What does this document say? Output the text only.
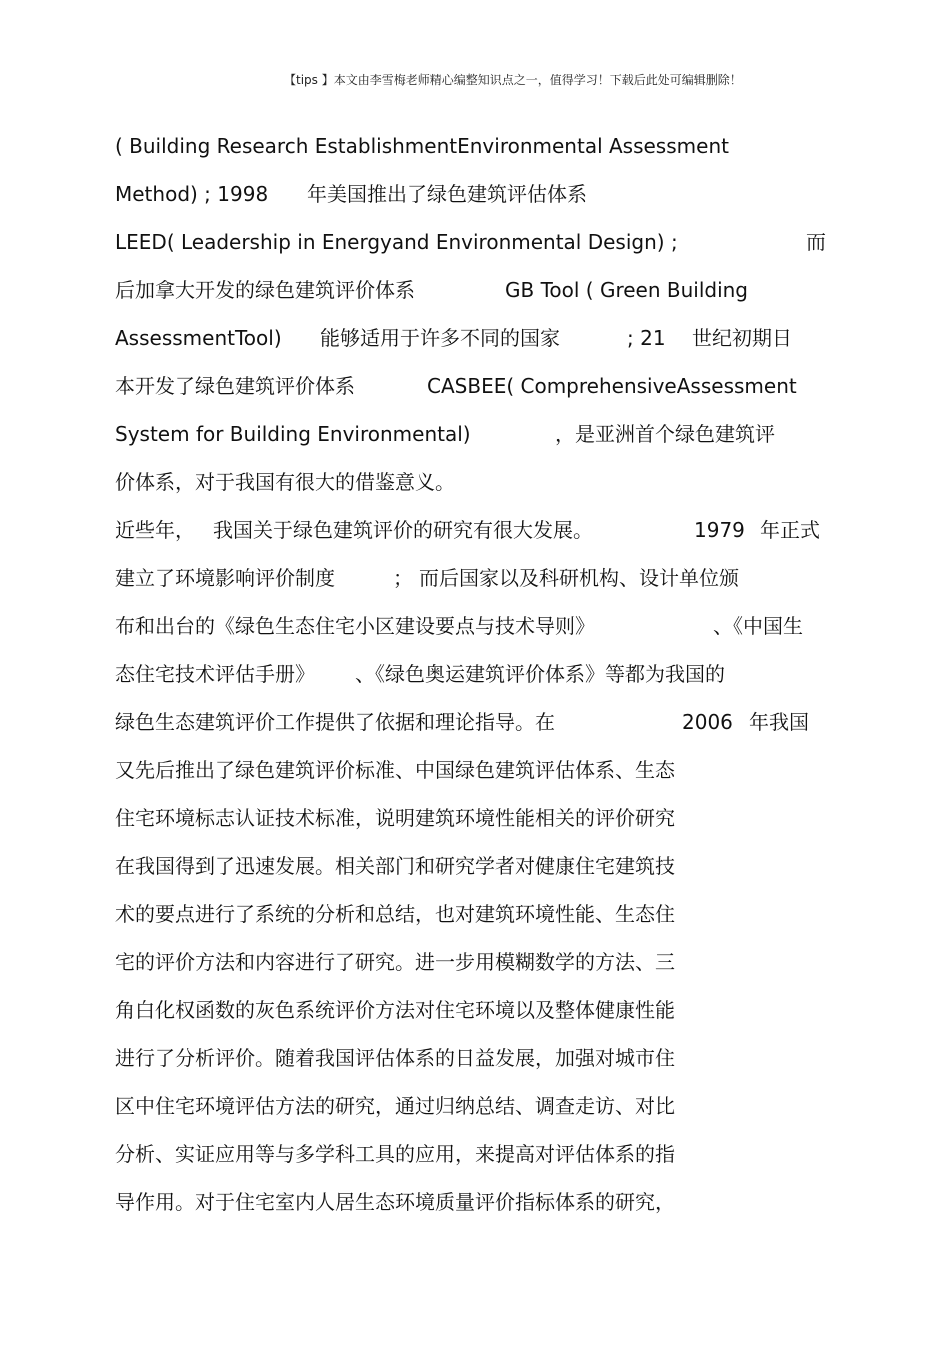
【tips 】本文由李雪梅老师精心编整知识点之一，值得学习！下载后此处可编辑删除！
( Building Research EstablishmentEnvironmental Assessment
Method) ; 1998 年美国推出了绿色建筑评估体系
LEED( Leadership in Energyand Environmental Design) ;	而
后加拿大开发的绿色建筑评价体系	GB Tool ( Green Building
AssessmentTool) 能够适用于许多不同的国家	; 21 世纪初期日
本开发了绿色建筑评价体系	CASBEE( ComprehensiveAssessment
System for Building Environmental)	，是亚洲首个绿色建筑评
价体系，对于我国有很大的借鉴意义。
近些年， 我国关于绿色建筑评价的研究有很大发展。	1979 年正式
建立了环境影响评价制度	； 而后国家以及科研机构、设计单位颁
布和出台的《绿色生态住宅小区建设要点与技术导则》	、《中国生
态住宅技术评估手册》 、《绿色奥运建筑评价体系》等都为我国的
绿色生态建筑评价工作提供了依据和理论指导。在	2006 年我国
又先后推出了绿色建筑评价标准、中国绿色建筑评估体系、生态
住宅环境标志认证技术标准，说明建筑环境性能相关的评价研究
在我国得到了迅速发展。相关部门和研究学者对健康住宅建筑技
术的要点进行了系统的分析和总结，也对建筑环境性能、生态住
宅的评价方法和内容进行了研究。进一步用模糊数学的方法、三
角白化权函数的灰色系统评价方法对住宅环境以及整体健康性能
进行了分析评价。随着我国评估体系的日益发展，加强对城市住
区中住宅环境评估方法的研究，通过归纳总结、调查走访、对比
分析、实证应用等与多学科工具的应用，来提高对评估体系的指
导作用。对于住宅室内人居生态环境质量评价指标体系的研究，
